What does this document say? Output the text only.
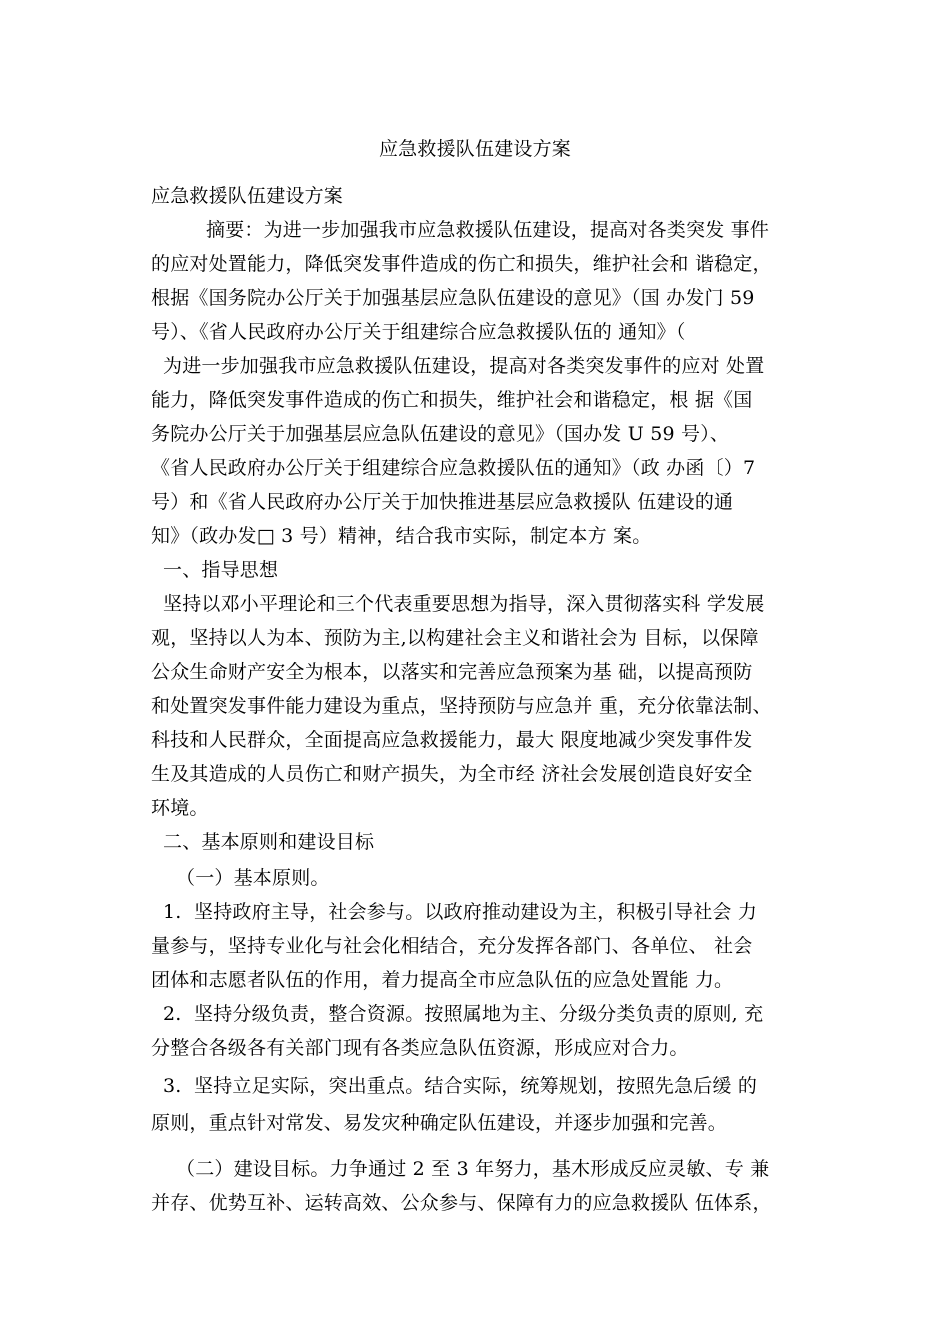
应急救援队伍建设方案

应急救援队伍建设方案

摘要：为进一步加强我市应急救援队伍建设，提高对各类突发 事件

的应对处置能力，降低突发事件造成的伤亡和损失，维护社会和 谐稳定，

根据《国务院办公厅关于加强基层应急队伍建设的意见》（国 办发门 59

号）、《省人民政府办公厅关于组建综合应急救援队伍的 通知》（

为进一步加强我市应急救援队伍建设，提高对各类突发事件的应对 处置

能力，降低突发事件造成的伤亡和损失，维护社会和谐稳定，根 据《国

务院办公厅关于加强基层应急队伍建设的意见》（国办发 U 59 号）、

《省人民政府办公厅关于组建综合应急救援队伍的通知》（政 办函〔）7

号）和《省人民政府办公厅关于加快推进基层应急救援队 伍建设的通

知》（政办发□ 3 号）精神，结合我市实际，制定本方 案。

一、指导思想

坚持以邓小平理论和三个代表重要思想为指导，深入贯彻落实科 学发展

观，坚持以人为本、预防为主,以构建社会主义和谐社会为 目标，以保障

公众生命财产安全为根本，以落实和完善应急预案为基 础，以提高预防

和处置突发事件能力建设为重点，坚持预防与应急并 重，充分依靠法制、

科技和人民群众，全面提高应急救援能力，最大 限度地减少突发事件发

生及其造成的人员伤亡和财产损失，为全市经 济社会发展创造良好安全

环境。

二、基本原则和建设目标

（一）基本原则。

1.  坚持政府主导，社会参与。以政府推动建设为主，积极引导社会 力

量参与，坚持专业化与社会化相结合，充分发挥各部门、各单位、 社会

团体和志愿者队伍的作用，着力提高全市应急队伍的应急处置能 力。

2.  坚持分级负责，整合资源。按照属地为主、分级分类负责的原则, 充

分整合各级各有关部门现有各类应急队伍资源，形成应对合力。

3.  坚持立足实际，突出重点。结合实际，统筹规划，按照先急后缓 的

原则，重点针对常发、易发灾种确定队伍建设，并逐步加强和完善。

（二）建设目标。力争通过 2 至 3 年努力，基木形成反应灵敏、专 兼

并存、优势互补、运转高效、公众参与、保障有力的应急救援队 伍体系，
